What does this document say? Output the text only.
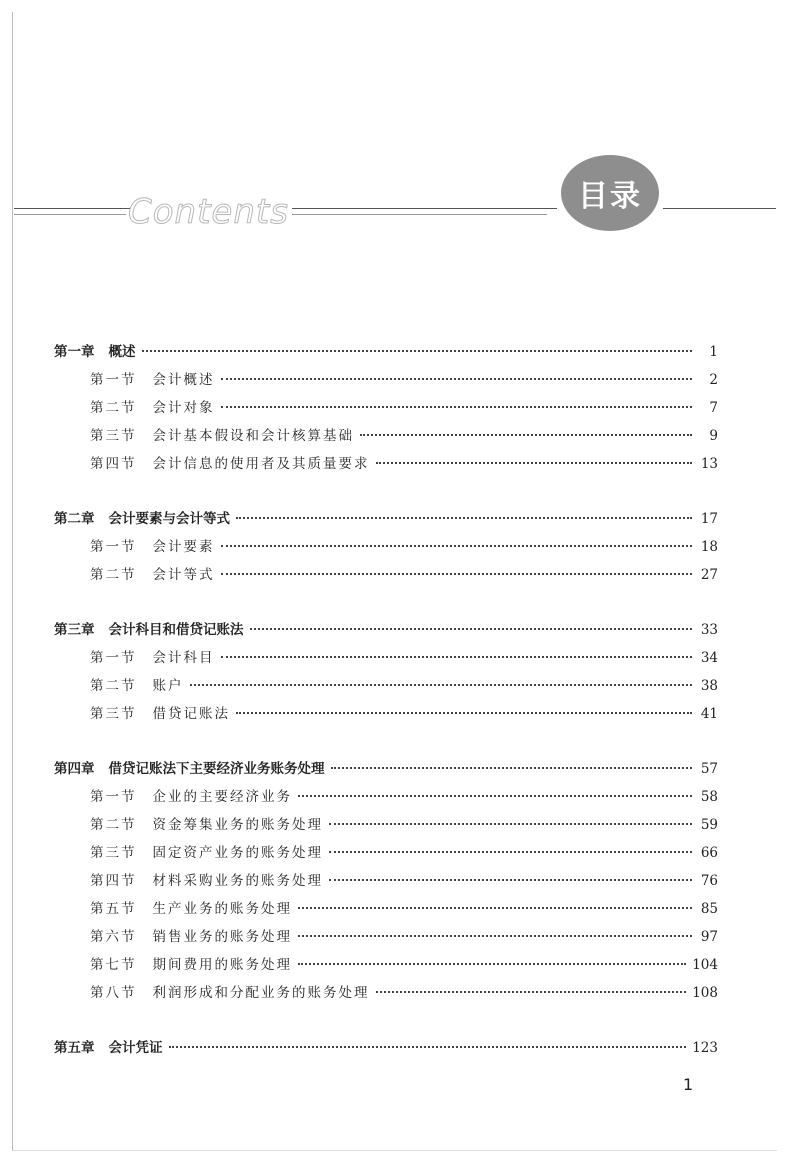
Contents	目录
第一章 概述	1
第一节 会计概述	2
第二节 会计对象	7
第三节 会计基本假设和会计核算基础	9
第四节 会计信息的使用者及其质量要求	13
第二章 会计要素与会计等式	17
第一节 会计要素	18
第二节 会计等式	27
第三章 会计科目和借贷记账法	33
第一节 会计科目	34
第二节 账户	38
第三节 借贷记账法	41
第四章 借贷记账法下主要经济业务账务处理	57
第一节 企业的主要经济业务	58
第二节 资金筹集业务的账务处理	59
第三节 固定资产业务的账务处理	66
第四节 材料采购业务的账务处理	76
第五节 生产业务的账务处理	85
第六节 销售业务的账务处理	97
第七节 期间费用的账务处理	104
第八节 利润形成和分配业务的账务处理	108
第五章 会计凭证	123
1
